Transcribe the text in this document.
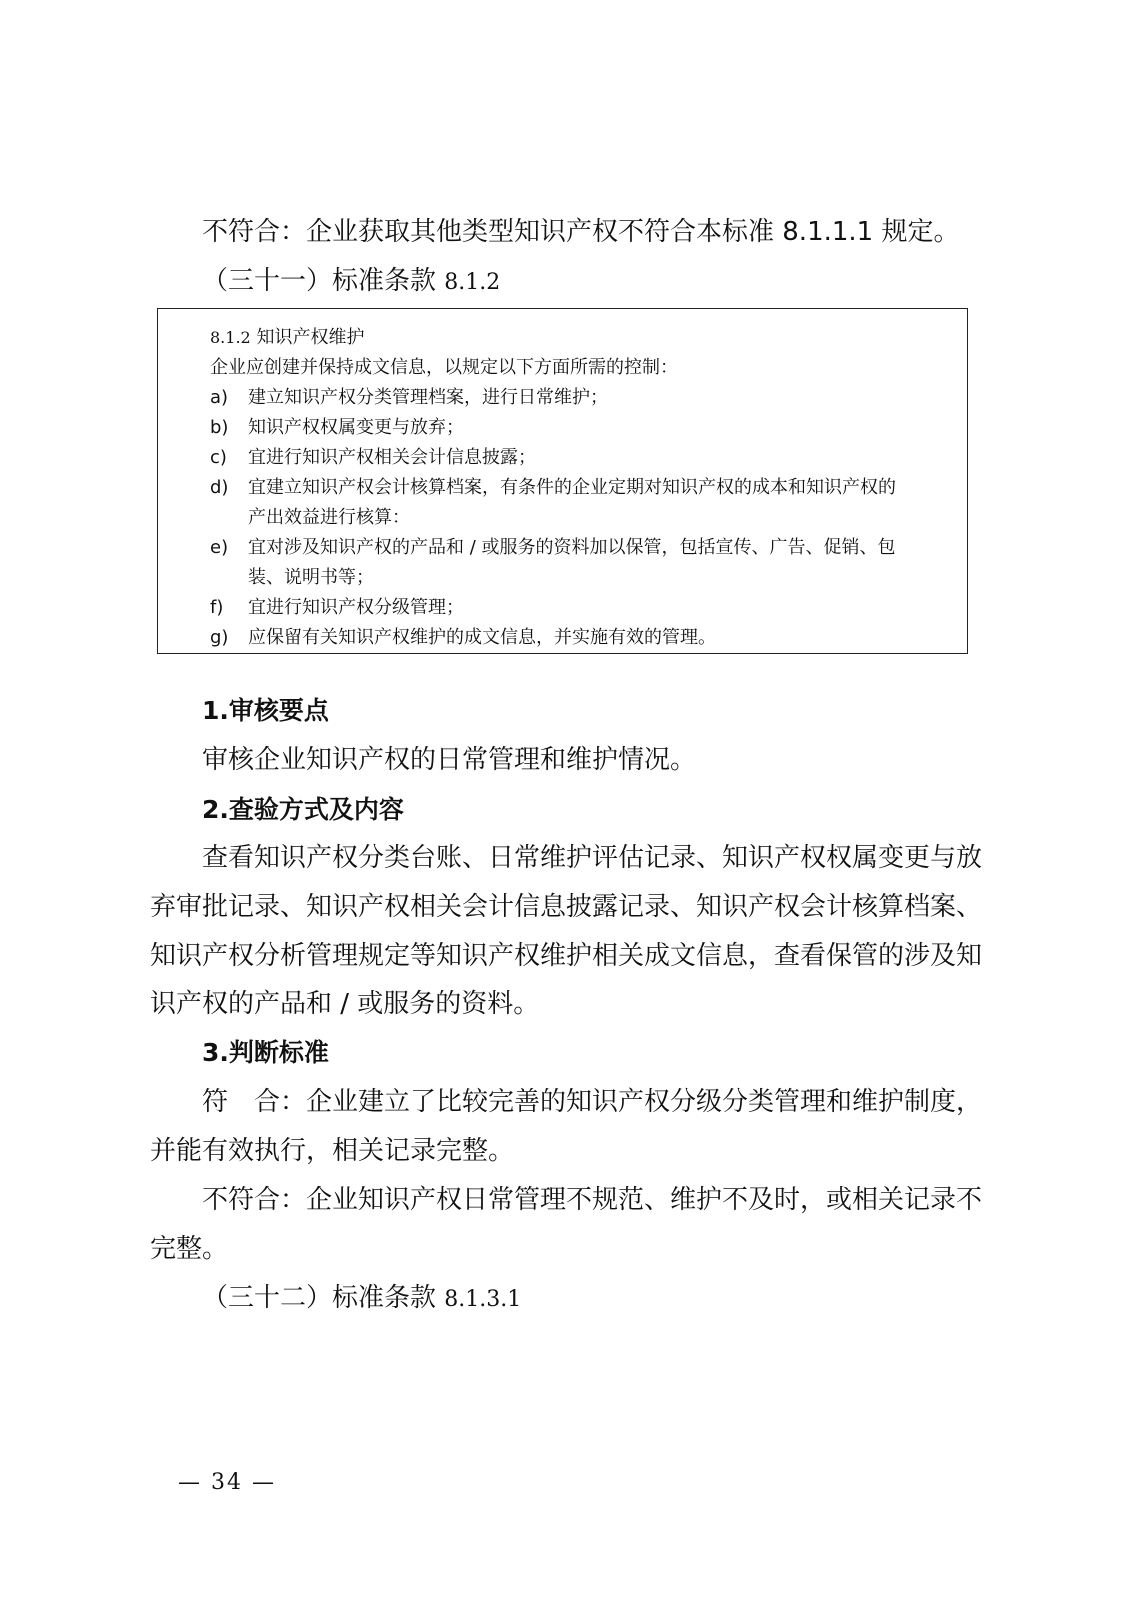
不符合：企业获取其他类型知识产权不符合本标准 8.1.1.1 规定。
（三十一）标准条款 8.1.2
8.1.2 知识产权维护
企业应创建并保持成文信息，以规定以下方面所需的控制：
a) 建立知识产权分类管理档案，进行日常维护；
b) 知识产权权属变更与放弃；
c) 宜进行知识产权相关会计信息披露；
d) 宜建立知识产权会计核算档案，有条件的企业定期对知识产权的成本和知识产权的
产出效益进行核算：
e) 宜对涉及知识产权的产品和 / 或服务的资料加以保管，包括宣传、广告、促销、包
装、说明书等；
f) 宜进行知识产权分级管理；
g) 应保留有关知识产权维护的成文信息，并实施有效的管理。
1.审核要点
审核企业知识产权的日常管理和维护情况。
2.查验方式及内容
查看知识产权分类台账、日常维护评估记录、知识产权权属变更与放
弃审批记录、知识产权相关会计信息披露记录、知识产权会计核算档案、
知识产权分析管理规定等知识产权维护相关成文信息，查看保管的涉及知
识产权的产品和 / 或服务的资料。
3.判断标准
符　合：企业建立了比较完善的知识产权分级分类管理和维护制度，
并能有效执行，相关记录完整。
不符合：企业知识产权日常管理不规范、维护不及时，或相关记录不
完整。
（三十二）标准条款 8.1.3.1
— 34 —
